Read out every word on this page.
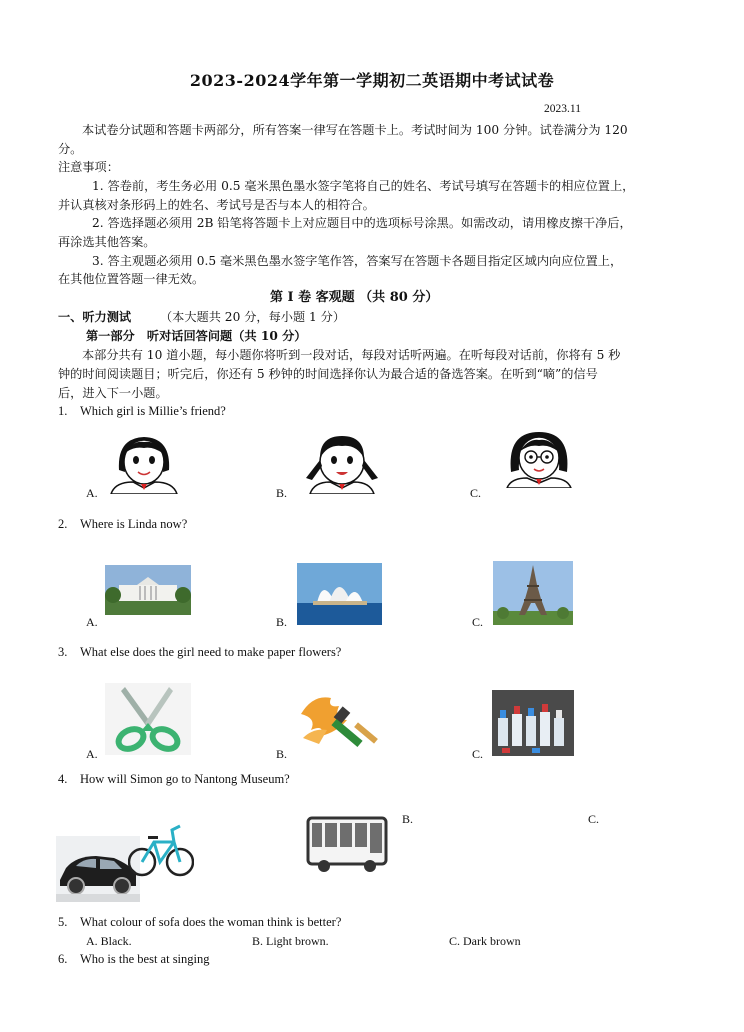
2023-2024学年第一学期初二英语期中考试试卷
2023.11
本试卷分试题和答题卡两部分，所有答案一律写在答题卡上。考试时间为 100 分钟。试卷满分为 120
分。
注意事项：
1. 答卷前，考生务必用 0.5 毫米黑色墨水签字笔将自己的姓名、考试号填写在答题卡的相应位置上，
并认真核对条形码上的姓名、考试号是否与本人的相符合。
2. 答选择题必须用 2B 铅笔将答题卡上对应题目中的选项标号涂黑。如需改动，请用橡皮擦干净后，
再涂选其他答案。
3. 答主观题必须用 0.5 毫米黑色墨水签字笔作答，答案写在答题卡各题目指定区域内向应位置上，
在其他位置答题一律无效。
第 I 卷 客观题 （共 80 分）
一、听力测试 （本大题共 20 分，每小题 1 分）
第一部分　听对话回答问题（共 10 分）
本部分共有 10 道小题，每小题你将听到一段对话，每段对话听两遍。在听每段对话前，你将有 5 秒
钟的时间阅读题目；听完后，你还有 5 秒钟的时间选择你认为最合适的备选答案。在听到“嘀”的信号
后，进入下一小题。
1. Which girl is Millie’s friend?
A.	B.	C.
2. Where is Linda now?
A.	B.	C.
3. What else does the girl need to make paper flowers?
A.	B.	C.
4. How will Simon go to Nantong Museum?
B.	C.
5. What colour of sofa does the woman think is better?
A. Black.	B. Light brown.	C. Dark brown
6. Who is the best at singing
